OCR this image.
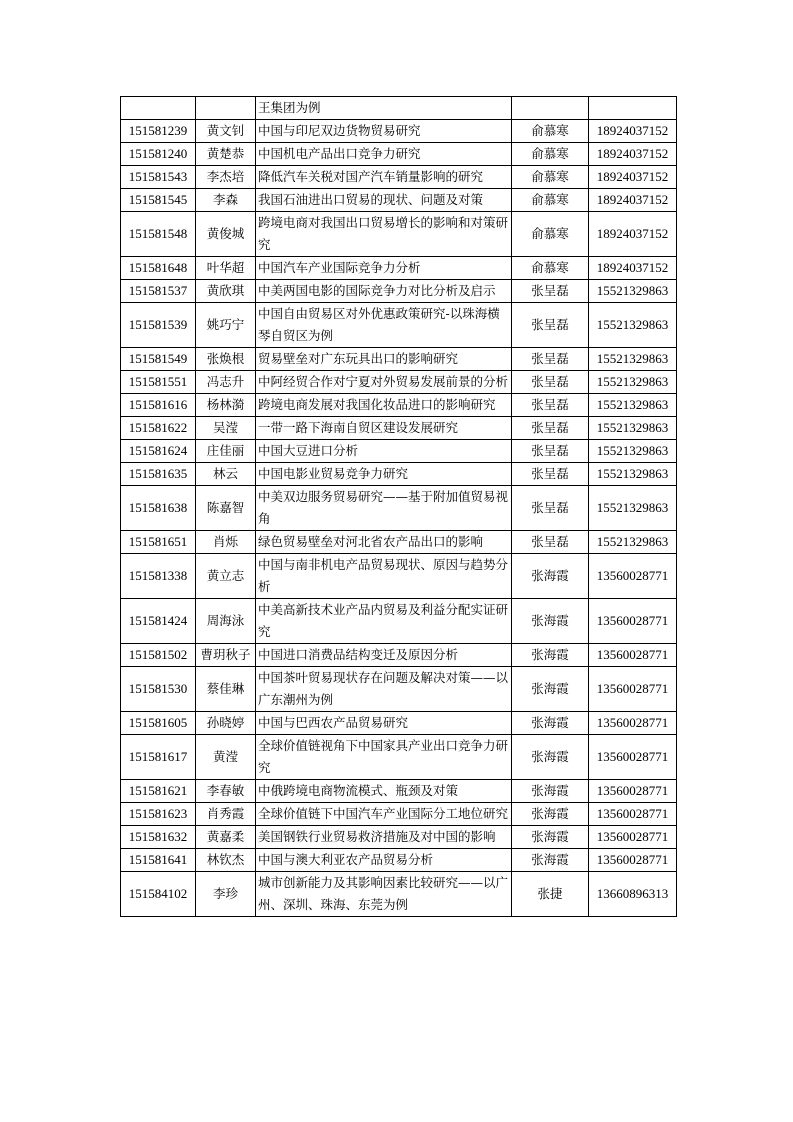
		王集团为例		
151581239	黄文钊	中国与印尼双边货物贸易研究	俞慕寒	18924037152
151581240	黄楚恭	中国机电产品出口竞争力研究	俞慕寒	18924037152
151581543	李杰培	降低汽车关税对国产汽车销量影响的研究	俞慕寒	18924037152
151581545	李森	我国石油进出口贸易的现状、问题及对策	俞慕寒	18924037152
151581548	黄俊城	跨境电商对我国出口贸易增长的影响和对策研究	俞慕寒	18924037152
151581648	叶华超	中国汽车产业国际竞争力分析	俞慕寒	18924037152
151581537	黄欣琪	中美两国电影的国际竞争力对比分析及启示	张呈磊	15521329863
151581539	姚巧宁	中国自由贸易区对外优惠政策研究-以珠海横琴自贸区为例	张呈磊	15521329863
151581549	张焕根	贸易壁垒对广东玩具出口的影响研究	张呈磊	15521329863
151581551	冯志升	中阿经贸合作对宁夏对外贸易发展前景的分析	张呈磊	15521329863
151581616	杨林漪	跨境电商发展对我国化妆品进口的影响研究	张呈磊	15521329863
151581622	吴滢	一带一路下海南自贸区建设发展研究	张呈磊	15521329863
151581624	庄佳丽	中国大豆进口分析	张呈磊	15521329863
151581635	林云	中国电影业贸易竞争力研究	张呈磊	15521329863
151581638	陈嘉智	中美双边服务贸易研究——基于附加值贸易视角	张呈磊	15521329863
151581651	肖烁	绿色贸易壁垒对河北省农产品出口的影响	张呈磊	15521329863
151581338	黄立志	中国与南非机电产品贸易现状、原因与趋势分析	张海霞	13560028771
151581424	周海泳	中美高新技术业产品内贸易及利益分配实证研究	张海霞	13560028771
151581502	曹玥秋子	中国进口消费品结构变迁及原因分析	张海霞	13560028771
151581530	蔡佳琳	中国茶叶贸易现状存在问题及解决对策——以广东潮州为例	张海霞	13560028771
151581605	孙晓婷	中国与巴西农产品贸易研究	张海霞	13560028771
151581617	黄滢	全球价值链视角下中国家具产业出口竞争力研究	张海霞	13560028771
151581621	李春敏	中俄跨境电商物流模式、瓶颈及对策	张海霞	13560028771
151581623	肖秀霞	全球价值链下中国汽车产业国际分工地位研究	张海霞	13560028771
151581632	黄嘉柔	美国钢铁行业贸易救济措施及对中国的影响	张海霞	13560028771
151581641	林钦杰	中国与澳大利亚农产品贸易分析	张海霞	13560028771
151584102	李珍	城市创新能力及其影响因素比较研究——以广州、深圳、珠海、东莞为例	张捷	13660896313
